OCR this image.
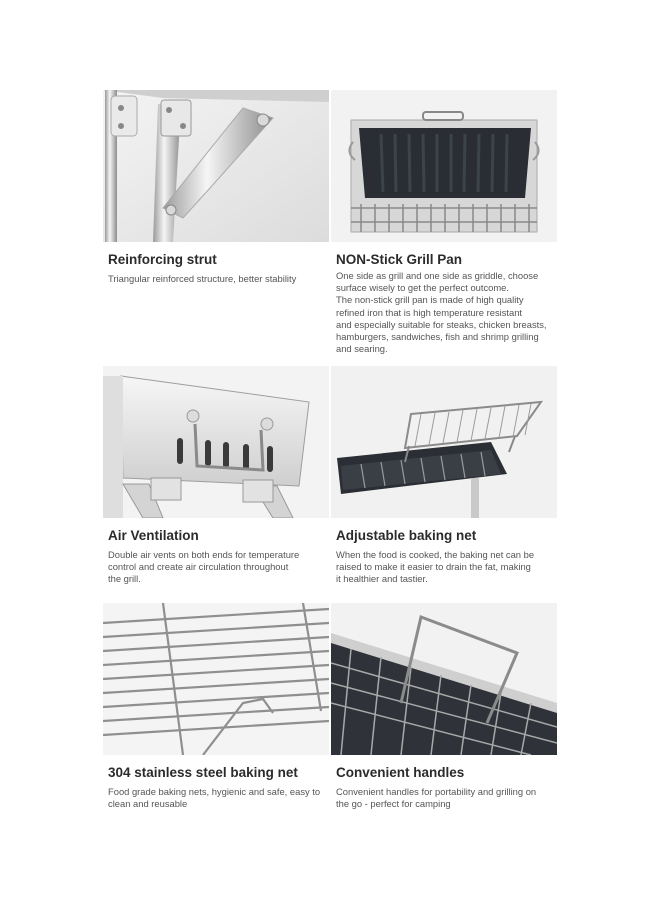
Reinforcing strut
Triangular reinforced structure, better stability
NON-Stick Grill Pan
One side as grill and one side as griddle, choose
surface wisely to get the perfect outcome.
The non-stick grill pan is made of high quality
refined iron that is high temperature resistant
and especially suitable for steaks, chicken breasts,
hamburgers, sandwiches, fish and shrimp grilling
and searing.
Air Ventilation
Double air vents on both ends for temperature
control and create air circulation throughout
the grill.
Adjustable baking net
When the food is cooked, the baking net can be
raised to make it easier to drain the fat, making
it healthier and tastier.
304 stainless steel baking net
Food grade baking nets, hygienic and safe, easy to
clean and reusable
Convenient handles
Convenient handles for portability and grilling on
the go - perfect for camping
